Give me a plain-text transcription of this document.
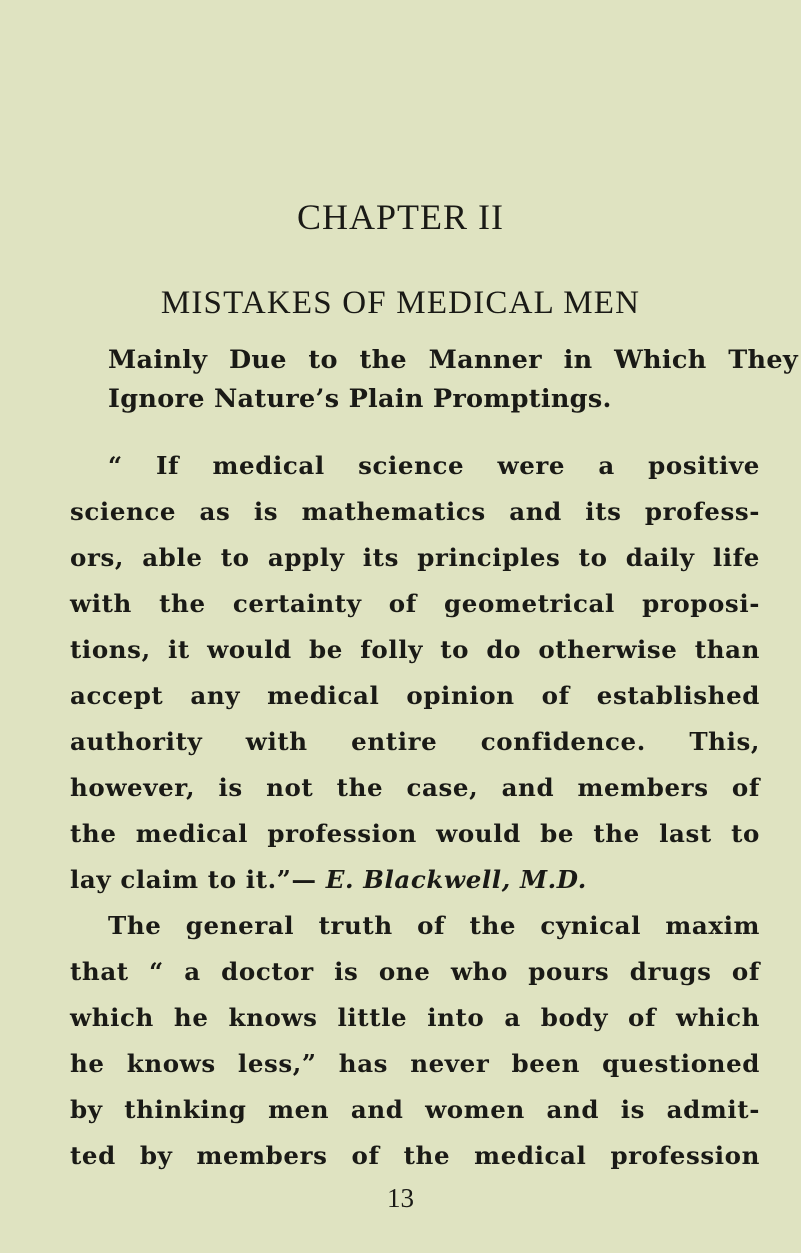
CHAPTER II
MISTAKES OF MEDICAL MEN
Mainly Due to the Manner in Which They
Ignore Nature’s Plain Promptings.
“ If medical science were a positive
science as is mathematics and its profess-
ors, able to apply its principles to daily life
with the certainty of geometrical proposi-
tions, it would be folly to do otherwise than
accept any medical opinion of established
authority with entire confidence. This,
however, is not the case, and members of
the medical profession would be the last to
lay claim to it.”— E. Blackwell, M.D.
The general truth of the cynical maxim
that “ a doctor is one who pours drugs of
which he knows little into a body of which
he knows less,” has never been questioned
by thinking men and women and is admit-
ted by members of the medical profession
13
